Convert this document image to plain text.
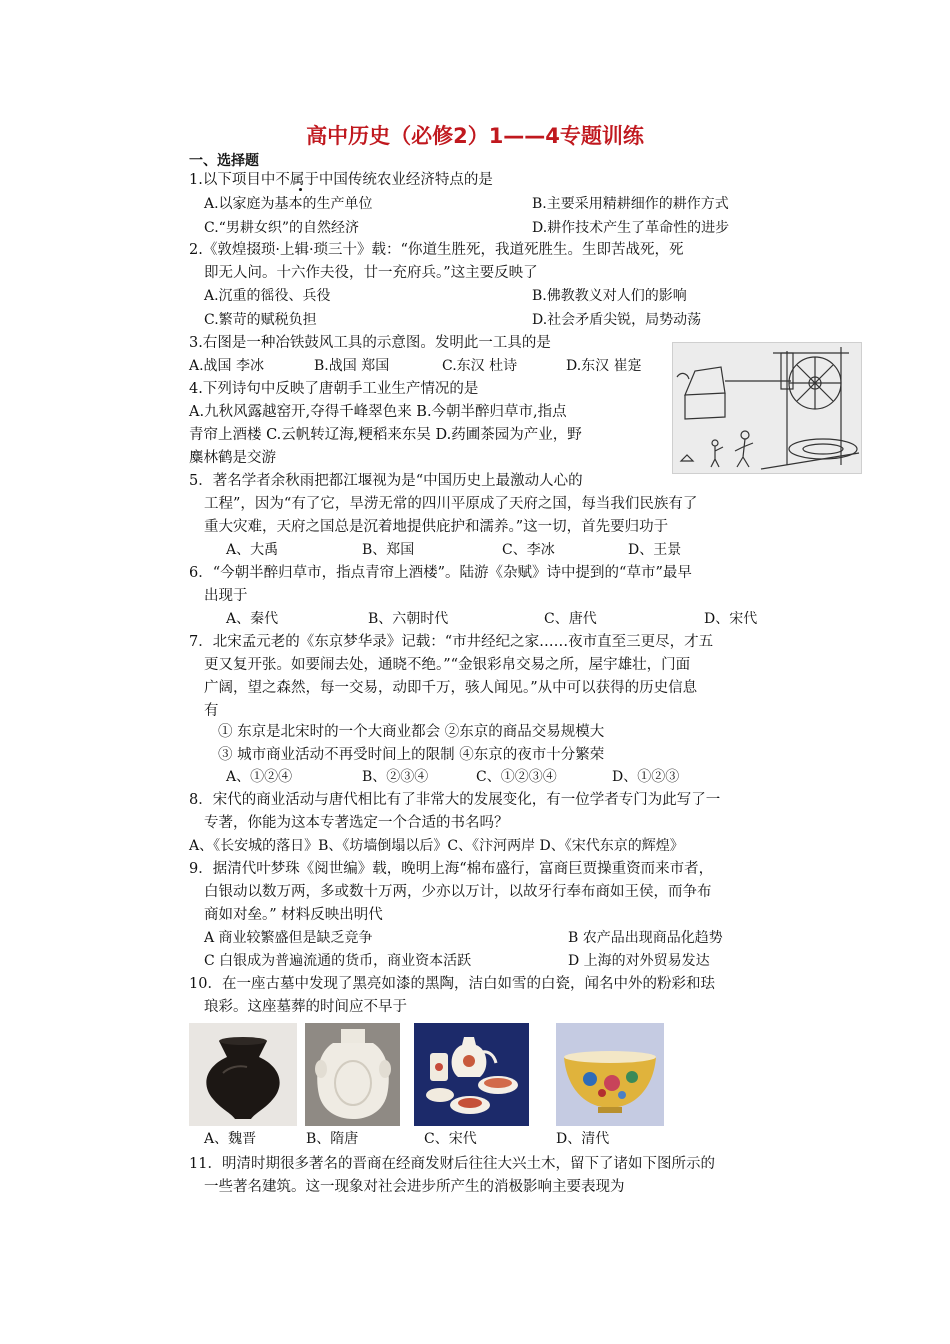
高中历史（必修2）1——4专题训练
一、选择题
1.以下项目中不属于中国传统农业经济特点的是
A.以家庭为基本的生产单位	B.主要采用精耕细作的耕作方式
C.“男耕女织”的自然经济	D.耕作技术产生了革命性的进步
2.《敦煌掇琐·上辑·琐三十》载：“你道生胜死，我道死胜生。生即苦战死，死
即无人问。十六作夫役，廿一充府兵。”这主要反映了
A.沉重的徭役、兵役	B.佛教教义对人们的影响
C.繁苛的赋税负担	D.社会矛盾尖锐，局势动荡
3.右图是一种冶铁鼓风工具的示意图。发明此一工具的是
A.战国 李冰	B.战国 郑国	C.东汉 杜诗	D.东汉 崔寔
4.下列诗句中反映了唐朝手工业生产情况的是
A.九秋风露越窑开,夺得千峰翠色来 B.今朝半醉归草市,指点
青帘上酒楼 C.云帆转辽海,粳稻来东吴 D.药圃茶园为产业，野
麋林鹤是交游
5．著名学者余秋雨把都江堰视为是“中国历史上最激动人心的
工程”，因为“有了它，旱涝无常的四川平原成了天府之国，每当我们民族有了
重大灾难，天府之国总是沉着地提供庇护和濡养。”这一切，首先要归功于
A、大禹	B、郑国	C、李冰	D、王景
6．“今朝半醉归草市，指点青帘上酒楼”。陆游《杂赋》诗中提到的“草市”最早
出现于
A、秦代	B、六朝时代	C、唐代	D、宋代
7．北宋孟元老的《东京梦华录》记载：“市井经纪之家……夜市直至三更尽，才五
更又复开张。如要闹去处，通晓不绝。”“金银彩帛交易之所，屋宇雄壮，门面
广阔，望之森然，每一交易，动即千万，骇人闻见。”从中可以获得的历史信息
有
① 东京是北宋时的一个大商业都会 ②东京的商品交易规模大
③ 城市商业活动不再受时间上的限制 ④东京的夜市十分繁荣
A、①②④	B、②③④	C、①②③④	D、①②③
8．宋代的商业活动与唐代相比有了非常大的发展变化，有一位学者专门为此写了一
专著，你能为这本专著选定一个合适的书名吗？
A、《长安城的落日》B、《坊墙倒塌以后》C、《汴河两岸 D、《宋代东京的辉煌》
9．据清代叶梦珠《阅世编》载，晚明上海“棉布盛行，富商巨贾操重资而来市者，
白银动以数万两，多或数十万两，少亦以万计，以故牙行奉布商如王侯，而争布
商如对垒。” 材料反映出明代
A 商业较繁盛但是缺乏竞争	B 农产品出现商品化趋势
C 白银成为普遍流通的货币，商业资本活跃	D 上海的对外贸易发达
10．在一座古墓中发现了黑亮如漆的黑陶，洁白如雪的白瓷，闻名中外的粉彩和珐
琅彩。这座墓葬的时间应不早于
A、魏晋	B、隋唐	C、宋代	D、清代
11．明清时期很多著名的晋商在经商发财后往往大兴土木，留下了诸如下图所示的
一些著名建筑。这一现象对社会进步所产生的消极影响主要表现为
